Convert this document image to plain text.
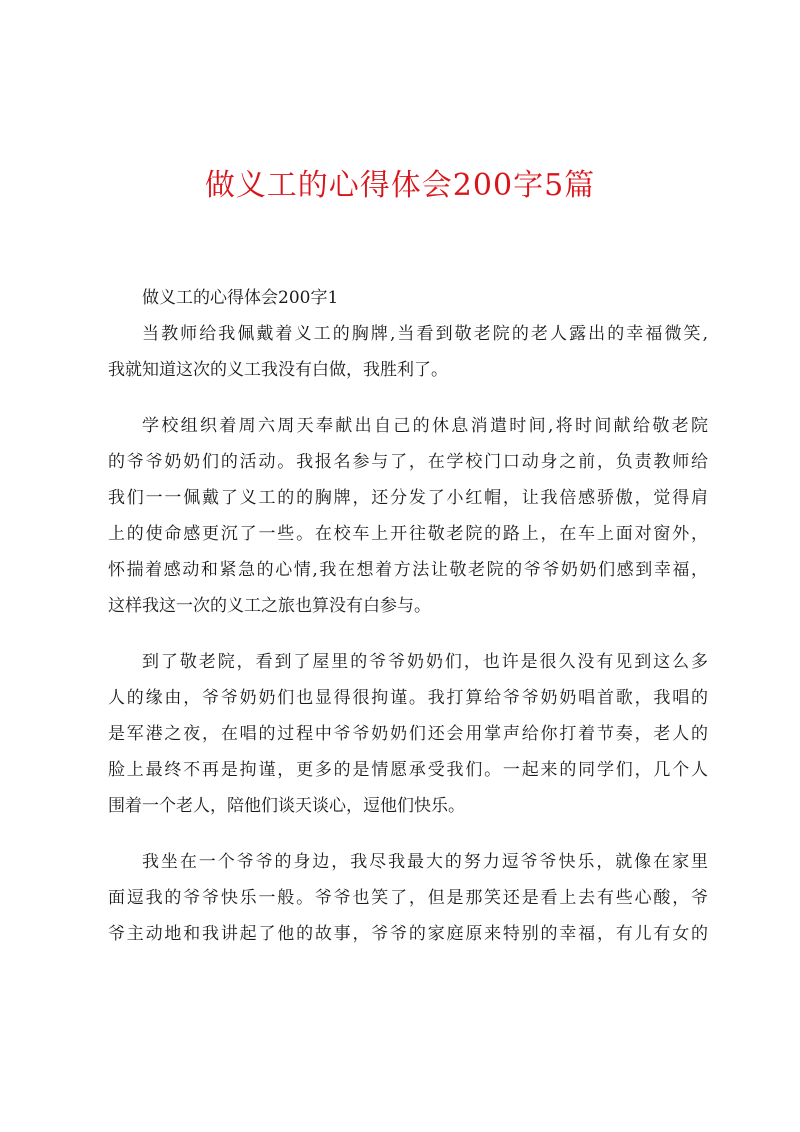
做义工的心得体会200字5篇
做义工的心得体会200字1
当教师给我佩戴着义工的胸牌,当看到敬老院的老人露出的幸福微笑,
我就知道这次的义工我没有白做，我胜利了。
学校组织着周六周天奉献出自己的休息消遣时间,将时间献给敬老院
的爷爷奶奶们的活动。我报名参与了，在学校门口动身之前，负责教师给
我们一一佩戴了义工的的胸牌，还分发了小红帽，让我倍感骄傲，觉得肩
上的使命感更沉了一些。在校车上开往敬老院的路上，在车上面对窗外，
怀揣着感动和紧急的心情,我在想着方法让敬老院的爷爷奶奶们感到幸福，
这样我这一次的义工之旅也算没有白参与。
到了敬老院，看到了屋里的爷爷奶奶们，也许是很久没有见到这么多
人的缘由，爷爷奶奶们也显得很拘谨。我打算给爷爷奶奶唱首歌，我唱的
是军港之夜，在唱的过程中爷爷奶奶们还会用掌声给你打着节奏，老人的
脸上最终不再是拘谨，更多的是情愿承受我们。一起来的同学们，几个人
围着一个老人，陪他们谈天谈心，逗他们快乐。
我坐在一个爷爷的身边，我尽我最大的努力逗爷爷快乐，就像在家里
面逗我的爷爷快乐一般。爷爷也笑了，但是那笑还是看上去有些心酸，爷
爷主动地和我讲起了他的故事，爷爷的家庭原来特别的幸福，有儿有女的
